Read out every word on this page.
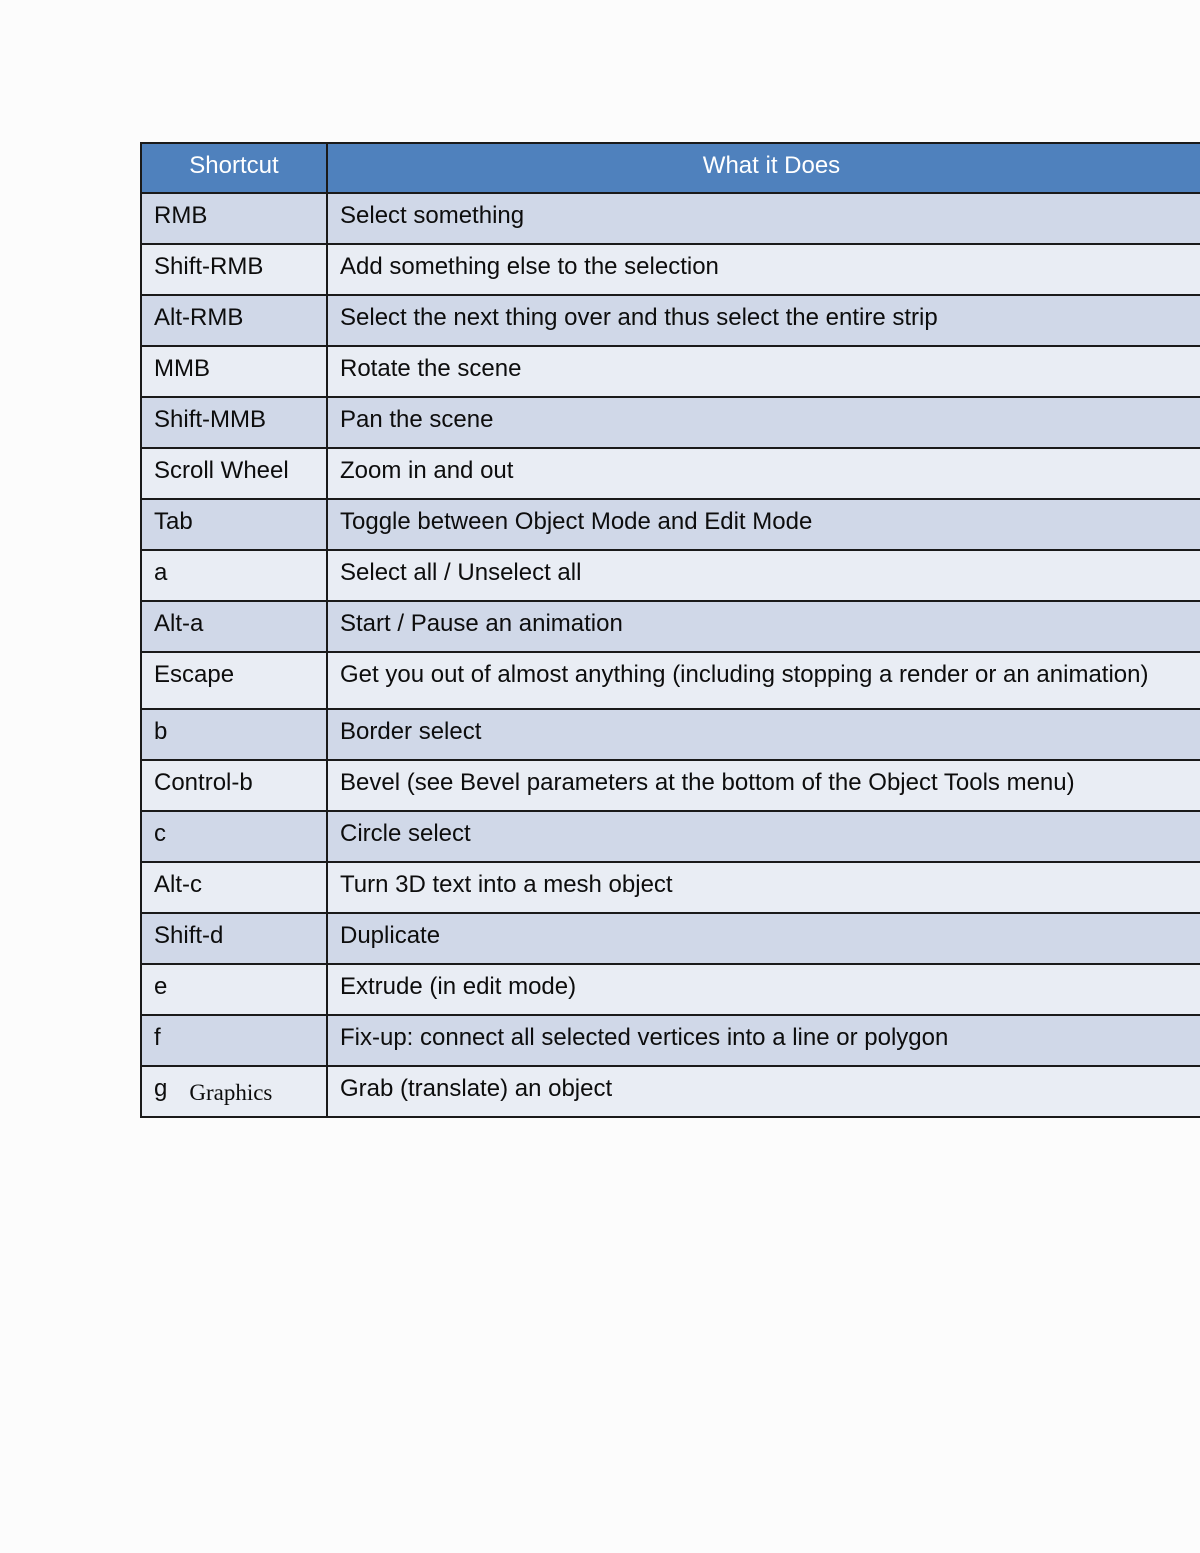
Shortcut	What it Does
RMB	Select something
Shift-RMB	Add something else to the selection
Alt-RMB	Select the next thing over and thus select the entire strip
MMB	Rotate the scene
Shift-MMB	Pan the scene
Scroll Wheel	Zoom in and out
Tab	Toggle between Object Mode and Edit Mode
a	Select all / Unselect all
Alt-a	Start / Pause an animation
Escape	Get you out of almost anything (including stopping a render or an animation)
b	Border select
Control-b	Bevel (see Bevel parameters at the bottom of the Object Tools menu)
c	Circle select
Alt-c	Turn 3D text into a mesh object
Shift-d	Duplicate
e	Extrude (in edit mode)
f	Fix-up: connect all selected vertices into a line or polygon
g Graphics	Grab (translate) an object
